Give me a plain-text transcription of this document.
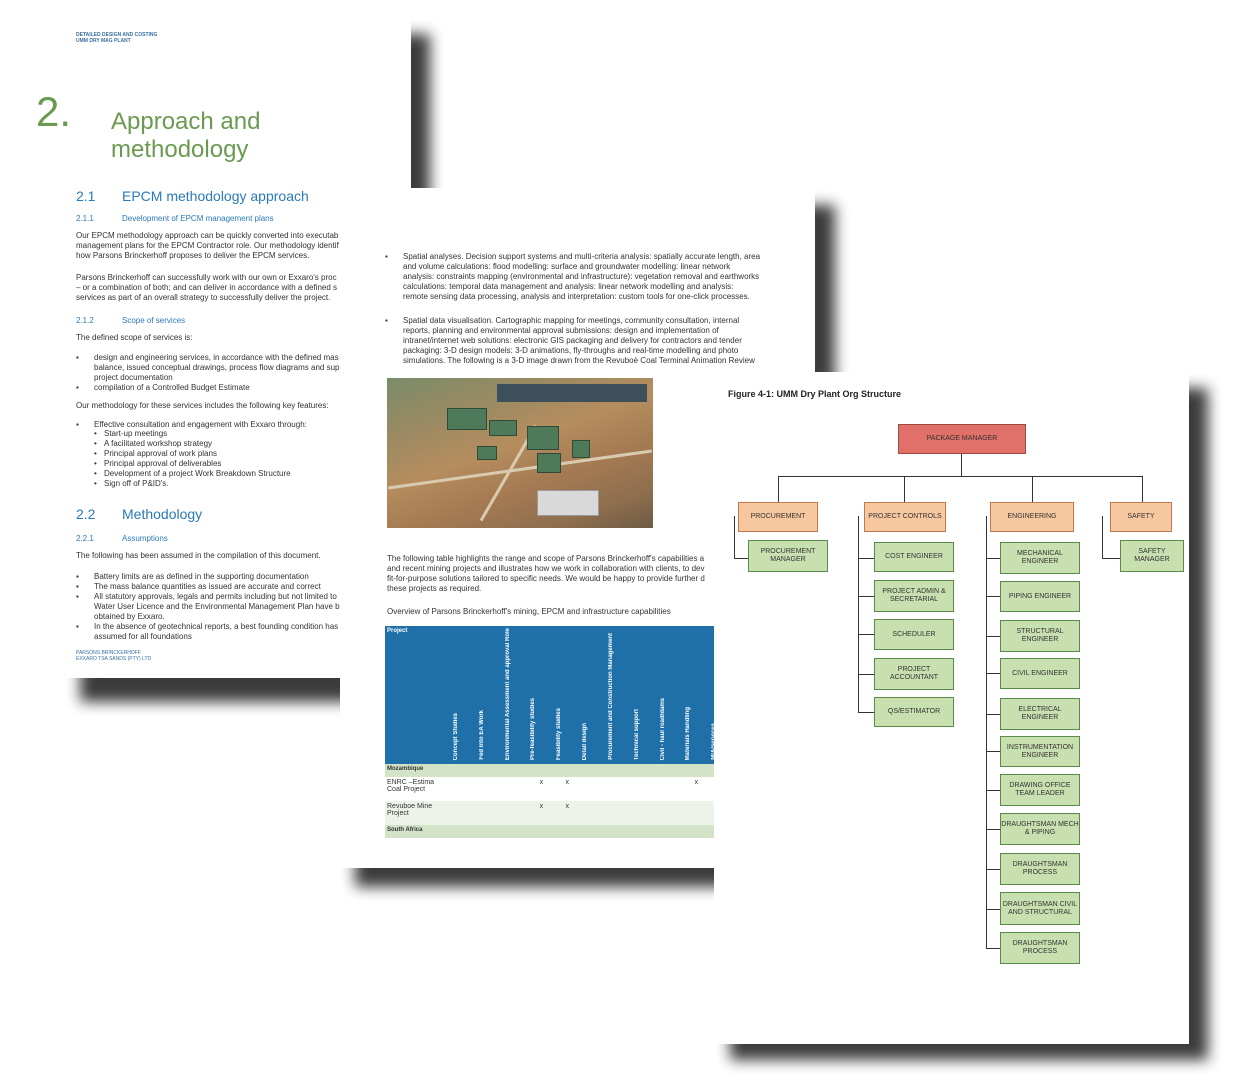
DETAILED DESIGN AND COSTING
UMM DRY MAG PLANT
2. Approach and methodology
2.1 EPCM methodology approach
2.1.1	Development of EPCM management plans
Our EPCM methodology approach can be quickly converted into executab
management plans for the EPCM Contractor role. Our methodology identif
how Parsons Brinckerhoff proposes to deliver the EPCM services.
Parsons Brinckerhoff can successfully work with our own or Exxaro's proc
– or a combination of both; and can deliver in accordance with a defined s
services as part of an overall strategy to successfully deliver the project.
2.1.2	Scope of services
The defined scope of services is:
▪ design and engineering services, in accordance with the defined mas
balance, issued conceptual drawings, process flow diagrams and sup
project documentation
▪ compilation of a Controlled Budget Estimate
Our methodology for these services includes the following key features:
▪ Effective consultation and engagement with Exxaro through:
• Start-up meetings
• A facilitated workshop strategy
• Principal approval of work plans
• Principal approval of deliverables
• Development of a project Work Breakdown Structure
• Sign off of P&ID's.
2.2 Methodology
2.2.1	Assumptions
The following has been assumed in the compilation of this document.
▪ Battery limits are as defined in the supporting documentation
▪ The mass balance quantities as issued are accurate and correct
▪ All statutory approvals, legals and permits including but not limited to
Water User Licence and the Environmental Management Plan have b
obtained by Exxaro.
▪ In the absence of geotechnical reports, a best founding condition has
assumed for all foundations
PARSONS BRINCKERHOFF
EXXARO TSA SANDS (PTY) LTD
▪ Spatial analyses. Decision support systems and multi-criteria analysis: spatially accurate length, area
and volume calculations: flood modelling: surface and groundwater modelling: linear network
analysis: constraints mapping (environmental and infrastructure): vegetation removal and earthworks
calculations: temporal data management and analysis: linear network modelling and analysis:
remote sensing data processing, analysis and interpretation: custom tools for one-click processes.
▪ Spatial data visualisation. Cartographic mapping for meetings, community consultation, internal
reports, planning and environmental approval submissions: design and implementation of
intranet/internet web solutions: electronic GIS packaging and delivery for contractors and tender
packaging: 3-D design models: 3-D animations, fly-throughs and real-time modelling and photo
simulations. The following is a 3-D image drawn from the Revuboè Coal Terminal Animation Review
The following table highlights the range and scope of Parsons Brinckerhoff's capabilities a
and recent mining projects and illustrates how we work in collaboration with clients, to dev
fit-for-purpose solutions tailored to specific needs. We would be happy to provide further d
these projects as required.
Overview of Parsons Brinckerhoff's mining, EPCM and infrastructure capabilities
Project	Concept Studies	Fed into EA Work	Environmental Assessment and approval Role	Pre-feasibility studies	Feasibility studies	Detail design	Procurement and Construction Management	Technical support	Civil - haul road/dams	Materials Handling		
Mozambique												
ENRC –Estima Coal Project				x	x					x		
Revuboe Mine Project				x	x							
South Africa												
Figure 4-1: UMM Dry Plant Org Structure
PACKAGE MANAGER
PROCUREMENT
PROCUREMENT MANAGER
PROJECT CONTROLS
COST ENGINEER
PROJECT ADMIN & SECRETARIAL
SCHEDULER
PROJECT ACCOUNTANT
QS/ESTIMATOR
ENGINEERING
MECHANICAL ENGINEER
PIPING ENGINEER
STRUCTURAL ENGINEER
CIVIL ENGINEER
ELECTRICAL ENGINEER
INSTRUMENTATION ENGINEER
DRAWING OFFICE TEAM LEADER
DRAUGHTSMAN MECH & PIPING
DRAUGHTSMAN PROCESS
DRAUGHTSMAN CIVIL AND STRUCTURAL
DRAUGHTSMAN PROCESS
SAFETY
SAFETY MANAGER
